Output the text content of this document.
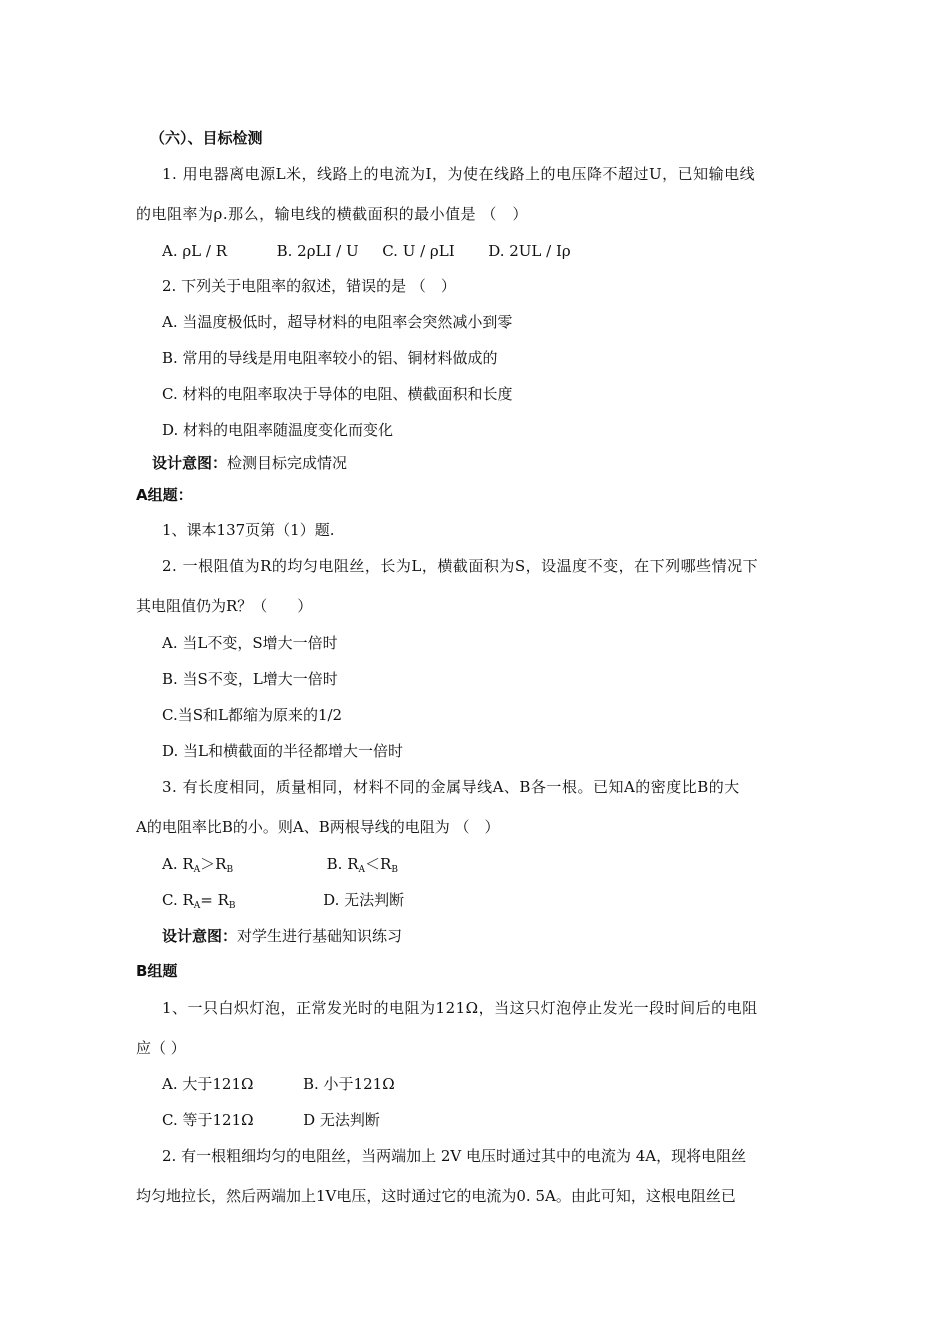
（六）、目标检测
1. 用电器离电源L米，线路上的电流为I，为使在线路上的电压降不超过U，已知输电线
的电阻率为ρ.那么，输电线的横截面积的最小值是 （　）
A. ρL / R	B. 2ρLI / U C. U / ρLI D. 2UL / Iρ
2. 下列关于电阻率的叙述，错误的是 （　）
A. 当温度极低时，超导材料的电阻率会突然减小到零
B. 常用的导线是用电阻率较小的铝、铜材料做成的
C. 材料的电阻率取决于导体的电阻、横截面积和长度
D. 材料的电阻率随温度变化而变化
设计意图：检测目标完成情况
A组题：
1、课本137页第（1）题.
2. 一根阻值为R的均匀电阻丝，长为L，横截面积为S，设温度不变，在下列哪些情况下
其电阻值仍为R？（　　）
A. 当L不变，S增大一倍时
B. 当S不变，L增大一倍时
C.当S和L都缩为原来的1/2
D. 当L和横截面的半径都增大一倍时
3. 有长度相同，质量相同，材料不同的金属导线A、B各一根。已知A的密度比B的大
A的电阻率比B的小。则A、B两根导线的电阻为 （　）
A. $R_A>R_B$	B. $R_A<R_B$
C. $R_A= R_B$	D. 无法判断
设计意图：对学生进行基础知识练习
B组题
1、一只白炽灯泡，正常发光时的电阻为121Ω，当这只灯泡停止发光一段时间后的电阻
应（ ）
A. 大于121Ω	B. 小于121Ω
C. 等于121Ω	D 无法判断
2. 有一根粗细均匀的电阻丝，当两端加上 2V 电压时通过其中的电流为 4A，现将电阻丝
均匀地拉长，然后两端加上1V电压，这时通过它的电流为0. 5A。由此可知，这根电阻丝已
